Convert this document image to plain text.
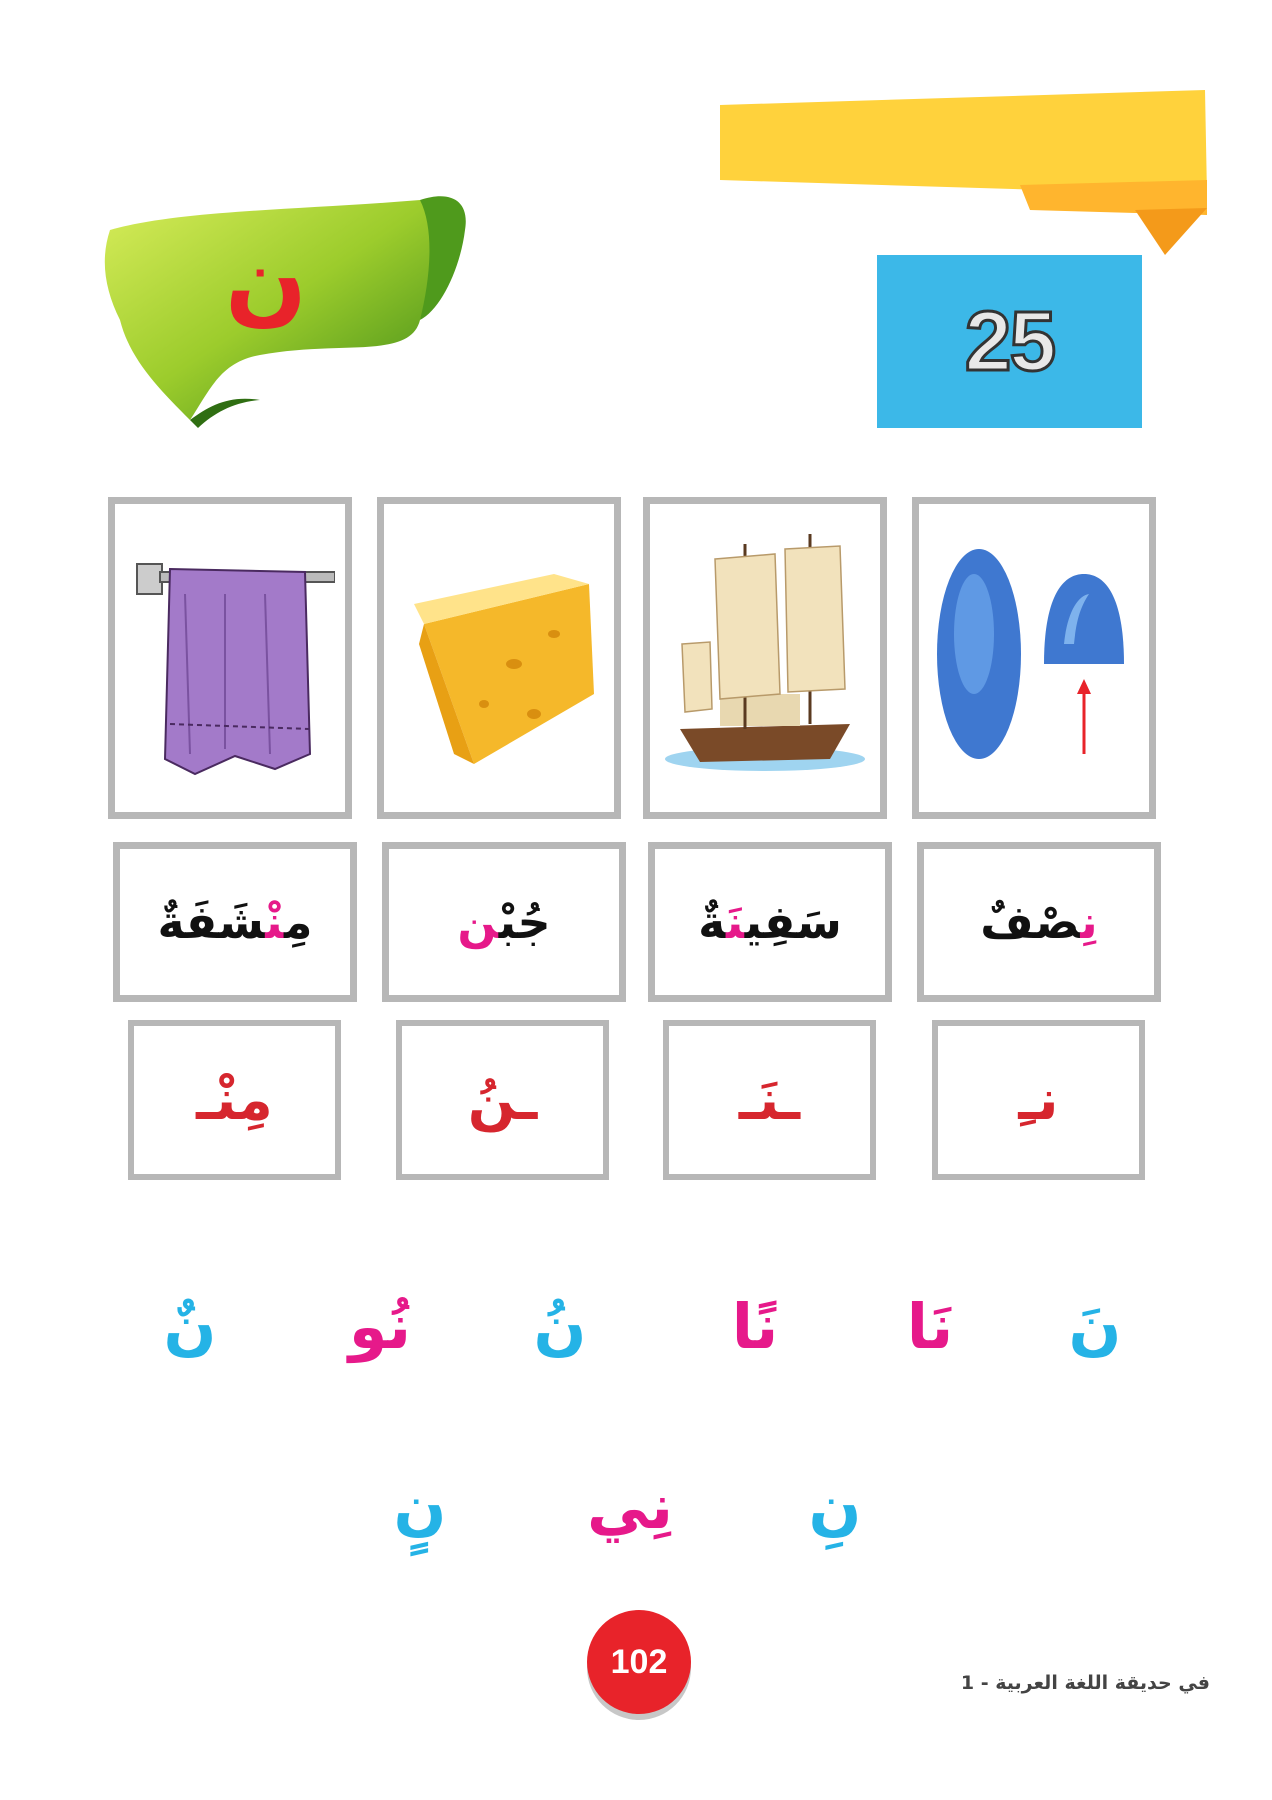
25
ن
نِصْفٌ
سَفِينَةٌ
جُبْن
مِنْشَفَةٌ
نـِ
ـنَـ
ـنُ
مِنْـ
نَ
نَا
نًا
نُ
نُو
نٌ
نِ
نِي
نٍ
102
في حديقة اللغة العربية - 1
